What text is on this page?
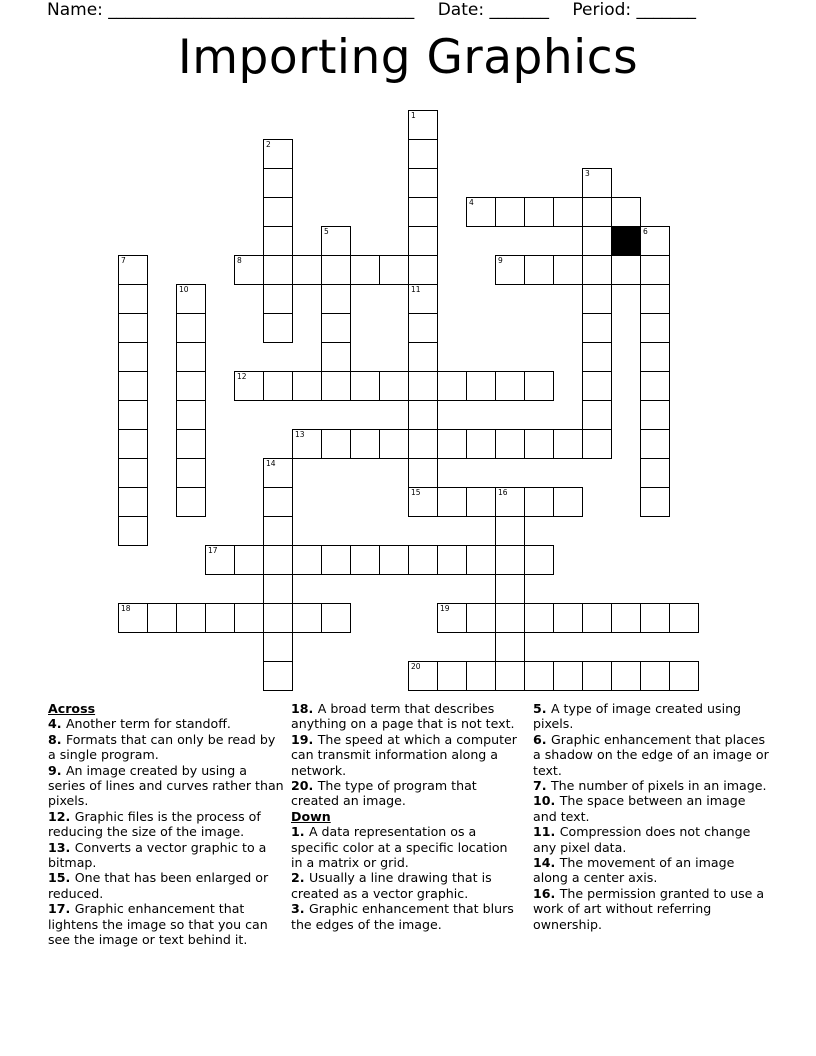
Name: ____________________________________ Date: _______ Period: _______
Importing Graphics
1
11
2
3
4
5	6
7	8	9
10
12
13
14
15	16
17
18	19
20
Across
4. Another term for standoff.
8. Formats that can only be read by a single program.
9. An image created by using a series of lines and curves rather than pixels.
12. Graphic files is the process of reducing the size of the image.
13. Converts a vector graphic to a bitmap.
15. One that has been enlarged or reduced.
17. Graphic enhancement that lightens the image so that you can see the image or text behind it.
18. A broad term that describes anything on a page that is not text.
19. The speed at which a computer can transmit information along a network.
20. The type of program that created an image.
Down
1. A data representation os a specific color at a specific location in a matrix or grid.
2. Usually a line drawing that is created as a vector graphic.
3. Graphic enhancement that blurs the edges of the image.
5. A type of image created using pixels.
6. Graphic enhancement that places a shadow on the edge of an image or text.
7. The number of pixels in an image.
10. The space between an image and text.
11. Compression does not change any pixel data.
14. The movement of an image along a center axis.
16. The permission granted to use a work of art without referring ownership.
